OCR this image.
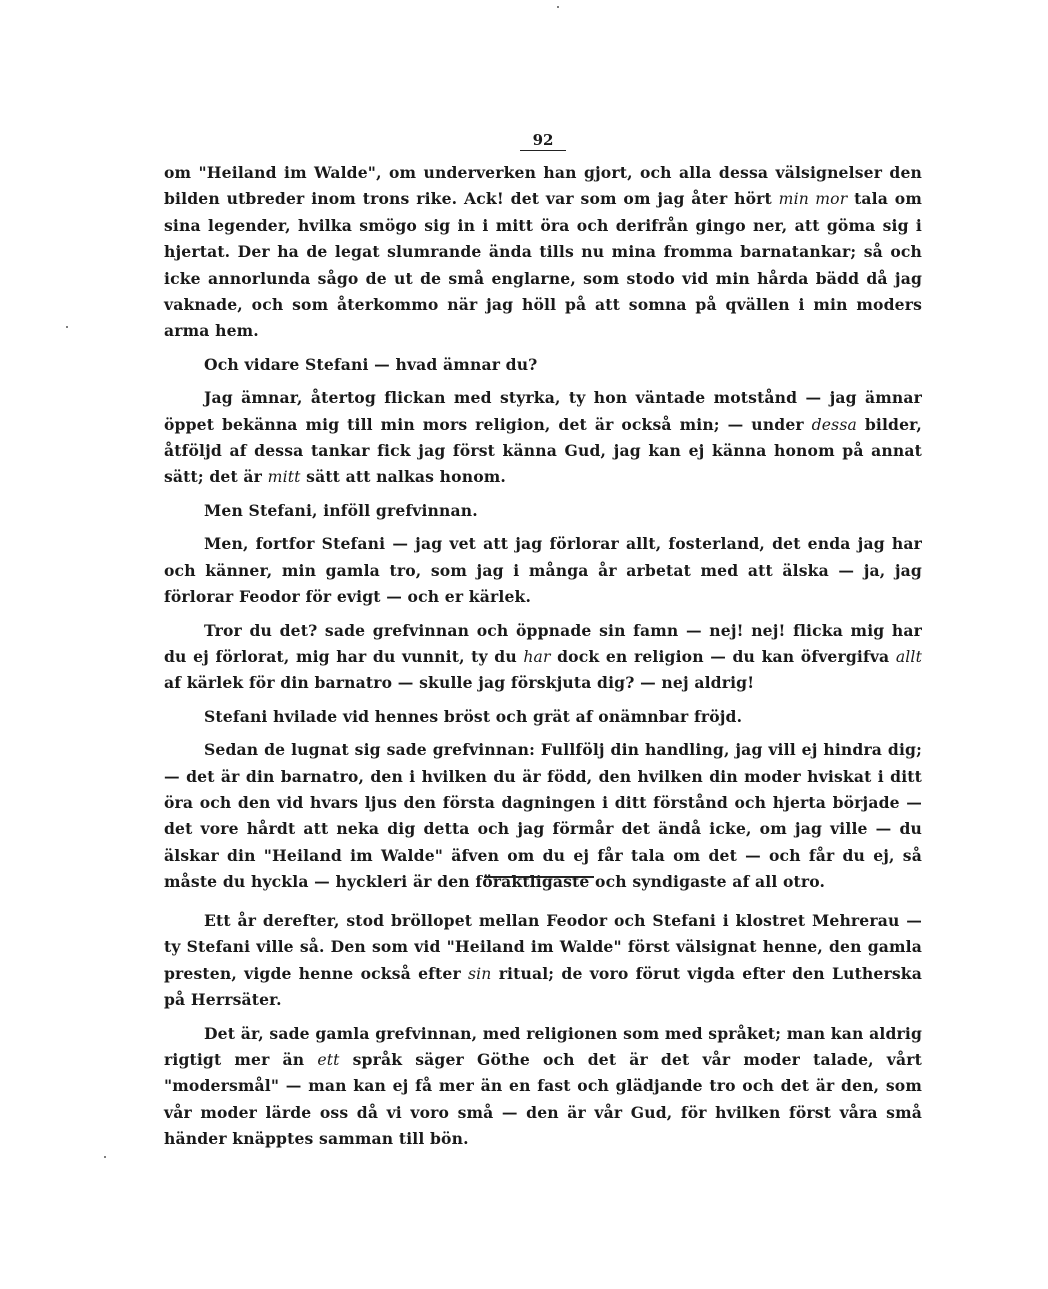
92

om "Heiland im Walde", om underverken han gjort, och alla dessa välsignelser den bilden utbreder inom trons rike. Ack! det var som om jag åter hört min mor tala om sina legender, hvilka smögo sig in i mitt öra och derifrån gingo ner, att göma sig i hjertat. Der ha de legat slumrande ända tills nu mina fromma barnatankar; så och icke annorlunda sågo de ut de små englarne, som stodo vid min hårda bädd då jag vaknade, och som återkommo när jag höll på att somna på qvällen i min moders arma hem.

Och vidare Stefani — hvad ämnar du?

Jag ämnar, återtog flickan med styrka, ty hon väntade motstånd — jag ämnar öppet bekänna mig till min mors religion, det är också min; — under dessa bilder, åtföljd af dessa tankar fick jag först känna Gud, jag kan ej känna honom på annat sätt; det är mitt sätt att nalkas honom.

Men Stefani, inföll grefvinnan.

Men, fortfor Stefani — jag vet att jag förlorar allt, fosterland, det enda jag har och känner, min gamla tro, som jag i många år arbetat med att älska — ja, jag förlorar Feodor för evigt — och er kärlek.

Tror du det? sade grefvinnan och öppnade sin famn — nej! nej! flicka mig har du ej förlorat, mig har du vunnit, ty du har dock en religion — du kan öfvergifva allt af kärlek för din barnatro — skulle jag förskjuta dig? — nej aldrig!

Stefani hvilade vid hennes bröst och grät af onämnbar fröjd.

Sedan de lugnat sig sade grefvinnan: Fullfölj din handling, jag vill ej hindra dig; — det är din barnatro, den i hvilken du är född, den hvilken din moder hviskat i ditt öra och den vid hvars ljus den första dagningen i ditt förstånd och hjerta började — det vore hårdt att neka dig detta och jag förmår det ändå icke, om jag ville — du älskar din "Heiland im Walde" äfven om du ej får tala om det — och får du ej, så måste du hyckla — hyckleri är den föraktligaste och syndigaste af all otro.

Ett år derefter, stod bröllopet mellan Feodor och Stefani i klostret Mehrerau — ty Stefani ville så. Den som vid "Heiland im Walde" först välsignat henne, den gamla presten, vigde henne också efter sin ritual; de voro förut vigda efter den Lutherska på Herrsäter.

Det är, sade gamla grefvinnan, med religionen som med språket; man kan aldrig rigtigt mer än ett språk säger Göthe och det är det vår moder talade, vårt "modersmål" — man kan ej få mer än en fast och glädjande tro och det är den, som vår moder lärde oss då vi voro små — den är vår Gud, för hvilken först våra små händer knäpptes samman till bön.
